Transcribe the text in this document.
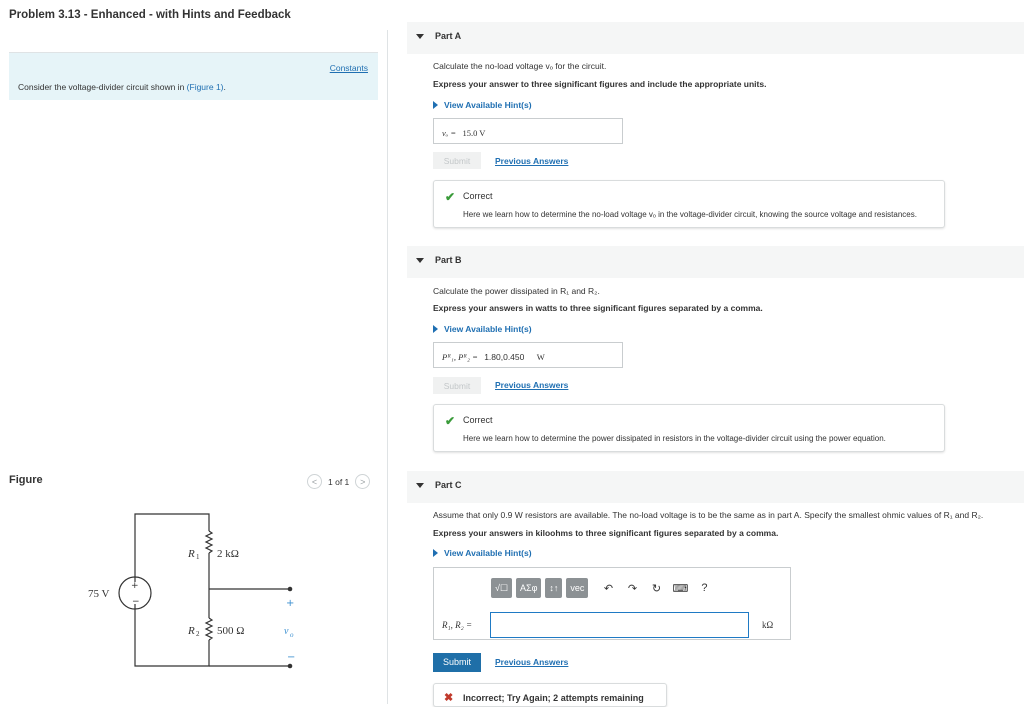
Problem 3.13 - Enhanced - with Hints and Feedback
Constants
Consider the voltage-divider circuit shown in (Figure 1).
Figure	<	1 of 1	>
+
−
75 V
R 1 2 kΩ
R 2 500 Ω
+
v o
−
Part A
Calculate the no-load voltage vₒ for the circuit.
Express your answer to three significant figures and include the appropriate units.
View Available Hint(s)
vₒ = 15.0 V
Submit	Previous Answers
✔ Correct
Here we learn how to determine the no-load voltage vₒ in the voltage-divider circuit, knowing the source voltage and resistances.
Part B
Calculate the power dissipated in R₁ and R₂.
Express your answers in watts to three significant figures separated by a comma.
View Available Hint(s)
Pᴿ₁, Pᴿ₂ = 1.80,0.450 W
Submit	Previous Answers
✔ Correct
Here we learn how to determine the power dissipated in resistors in the voltage-divider circuit using the power equation.
Part C
Assume that only 0.9 W resistors are available. The no-load voltage is to be the same as in part A. Specify the smallest ohmic values of R₁ and R₂.
Express your answers in kiloohms to three significant figures separated by a comma.
View Available Hint(s)
√☐	AΣφ	↕↑	vec	↶	↷	↻	⌨	?
R₁, R₂ =	kΩ
Submit	Previous Answers
✖ Incorrect; Try Again; 2 attempts remaining
